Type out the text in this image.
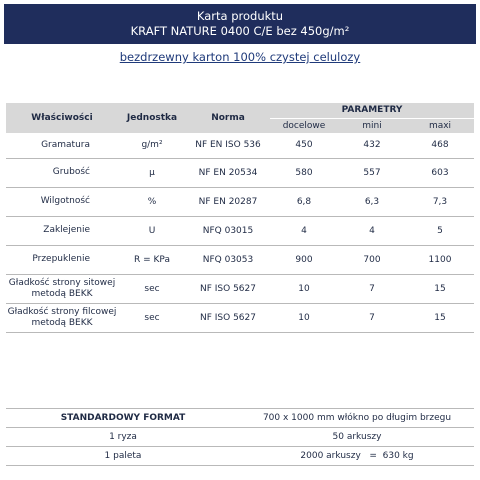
Karta produktu
KRAFT NATURE 0400 C/E bez 450g/m²
bezdrzewny karton 100% czystej celulozy
Właściwości	Jednostka	Norma	PARAMETRY		
			docelowe	mini	maxi
Gramatura	g/m²	NF EN ISO 536	450	432	468
Grubość	µ	NF EN 20534	580	557	603
Wilgotność	%	NF EN 20287	6,8	6,3	7,3
Zaklejenie	U	NFQ 03015	4	4	5
Przepuklenie	R = KPa	NFQ 03053	900	700	1100

Gładkość strony sitowej
metodą BEKK	sec	NF ISO 5627	10	7	15

Gładkość strony filcowej
metodą BEKK	sec	NF ISO 5627	10	7	15
STANDARDOWY FORMAT	700 x 1000 mm włókno po długim brzegu
1 ryza	50 arkuszy
1 paleta	2000 arkuszy   =  630 kg
